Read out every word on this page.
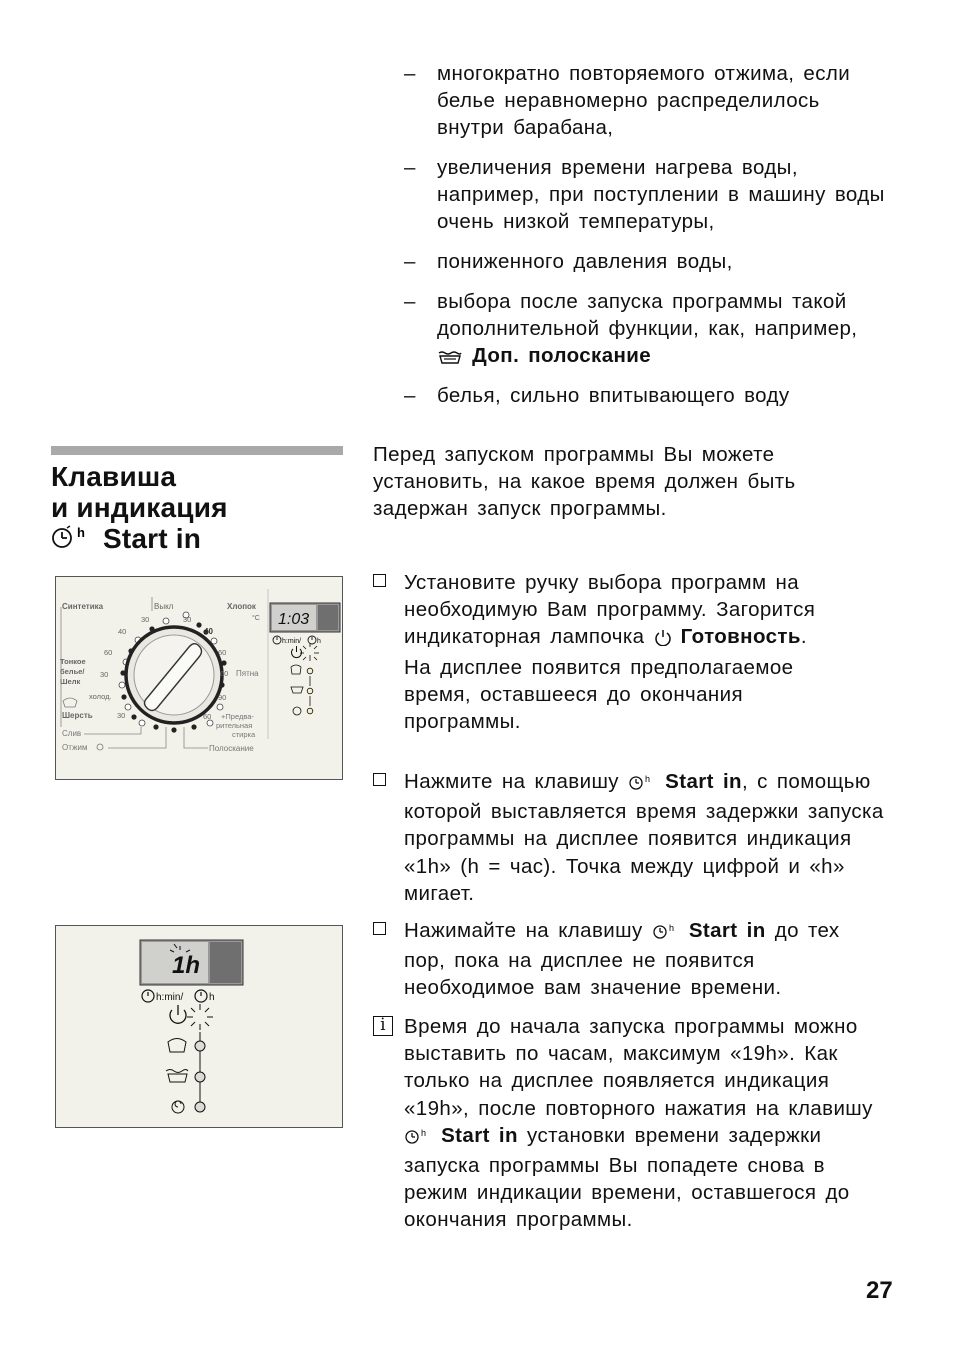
– многократно повторяемого отжима, если белье неравномерно распределилось внутри барабана,
– увеличения времени нагрева воды, например, при поступлении в машину воды очень низкой температуры,
– пониженного давления воды,
– выбора после запуска программы такой дополнительной функции, как, например,  Доп. полоскание
– белья, сильно впитывающего воду
Клавиша
и индикация
h Start in
Перед запуском программы Вы можете установить, на какое время должен быть задержан запуск программы.
Установите ручку выбора программ на необходимую Вам программу. Загорится индикаторная лампочка Готовность.
На дисплее появится предполагаемое время, оставшееся до окончания программы.
Нажмите на клавишу	h Start in, с помощью которой выставляется время задержки запуска программы на дисплее появится индикация «1h» (h = час). Точка между цифрой и «h» мигает.
Нажимайте на клавишу	h Start in до тех пор, пока на дисплее не появится необходимое вам значение времени.
i Время до начала запуска программы можно выставить по часам, максимум «19h». Как только на дисплее появляется индикация «19h», после повторного нажатия на клавишу
h Start in установки времени задержки запуска программы Вы попадете снова в режим индикации времени, оставшегося до окончания программы.
Синтетика	Выкл	Хлопок
°C
30	30
40	40
60	60
Тонкое
белье/
Шелк
30	60 Пятна
холод.	90
Шерсть	30	60 +Предва-
рительная
стирка
Слив
Отжим	Полоскание
1:03
h:min/ h
1h
h:min/	h
27
